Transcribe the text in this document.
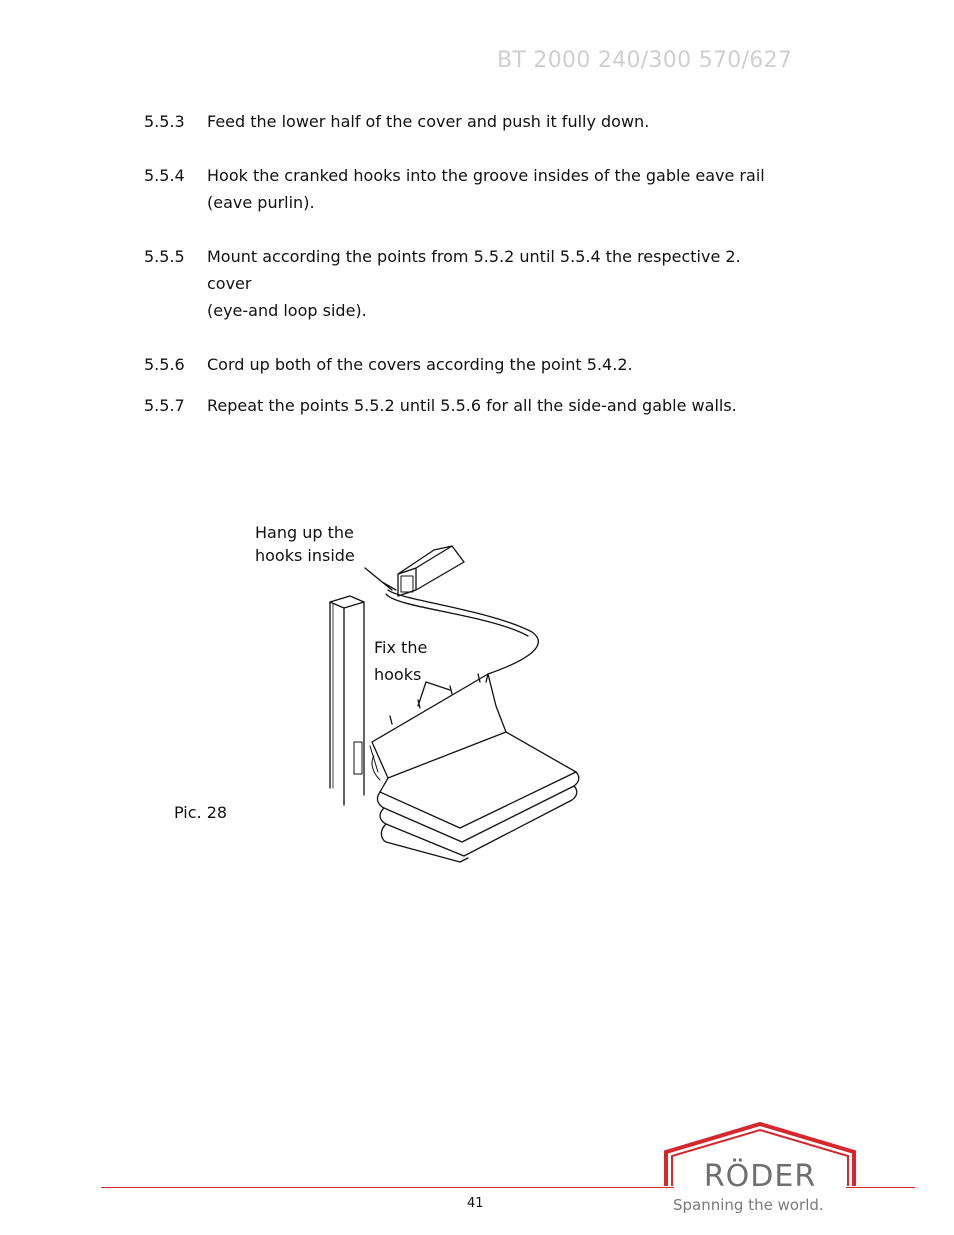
BT 2000 240/300 570/627
5.5.3	Feed the lower half of the cover and push it fully down.
5.5.4	Hook the cranked hooks into the groove insides of the gable eave rail
(eave purlin).
5.5.5	Mount according the points from 5.5.2 until 5.5.4 the respective 2.
cover
(eye-and loop side).
5.5.6	Cord up both of the covers according the point 5.4.2.
5.5.7	Repeat the points 5.5.2 until 5.5.6 for all the side-and gable walls.
Hang up the
hooks inside
Fix the
hooks
Pic. 28
41
RÖDER
Spanning the world.
